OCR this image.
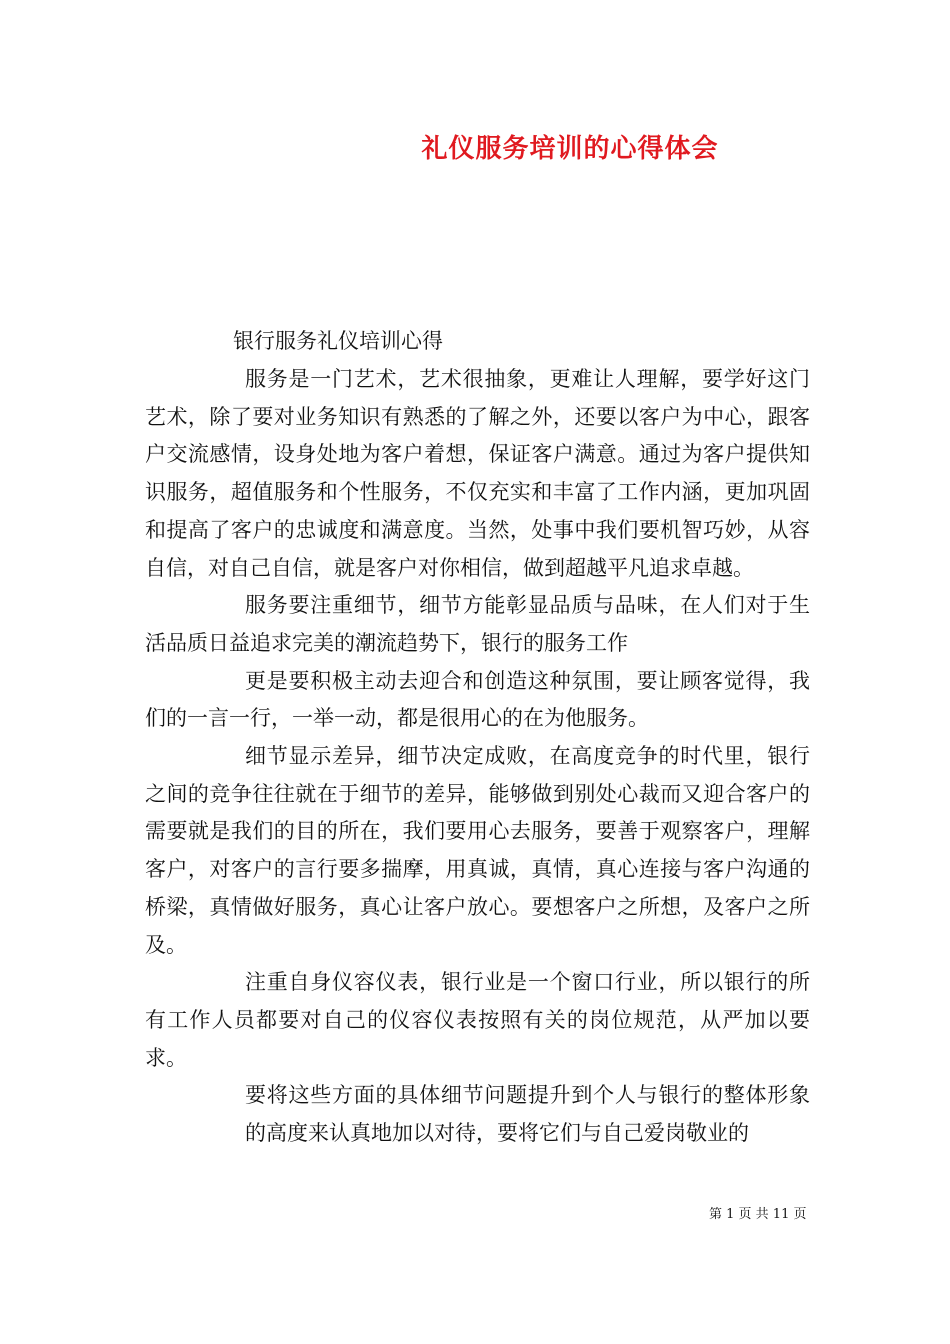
礼仪服务培训的心得体会
银行服务礼仪培训心得

服务是一门艺术，艺术很抽象，更难让人理解，要学好这门艺术，除了要对业务知识有熟悉的了解之外，还要以客户为中心，跟客户交流感情，设身处地为客户着想，保证客户满意。通过为客户提供知识服务，超值服务和个性服务，不仅充实和丰富了工作内涵，更加巩固和提高了客户的忠诚度和满意度。当然，处事中我们要机智巧妙，从容自信，对自己自信，就是客户对你相信，做到超越平凡追求卓越。

服务要注重细节，细节方能彰显品质与品味，在人们对于生活品质日益追求完美的潮流趋势下，银行的服务工作

更是要积极主动去迎合和创造这种氛围，要让顾客觉得，我们的一言一行，一举一动，都是很用心的在为他服务。

细节显示差异，细节决定成败，在高度竞争的时代里，银行之间的竞争往往就在于细节的差异，能够做到别处心裁而又迎合客户的需要就是我们的目的所在，我们要用心去服务，要善于观察客户，理解客户，对客户的言行要多揣摩，用真诚，真情，真心连接与客户沟通的桥梁，真情做好服务，真心让客户放心。要想客户之所想，及客户之所及。

注重自身仪容仪表，银行业是一个窗口行业，所以银行的所有工作人员都要对自己的仪容仪表按照有关的岗位规范，从严加以要求。

要将这些方面的具体细节问题提升到个人与银行的整体形象的高度来认真地加以对待，要将它们与自己爱岗敬业的

第 1 页 共 11 页
